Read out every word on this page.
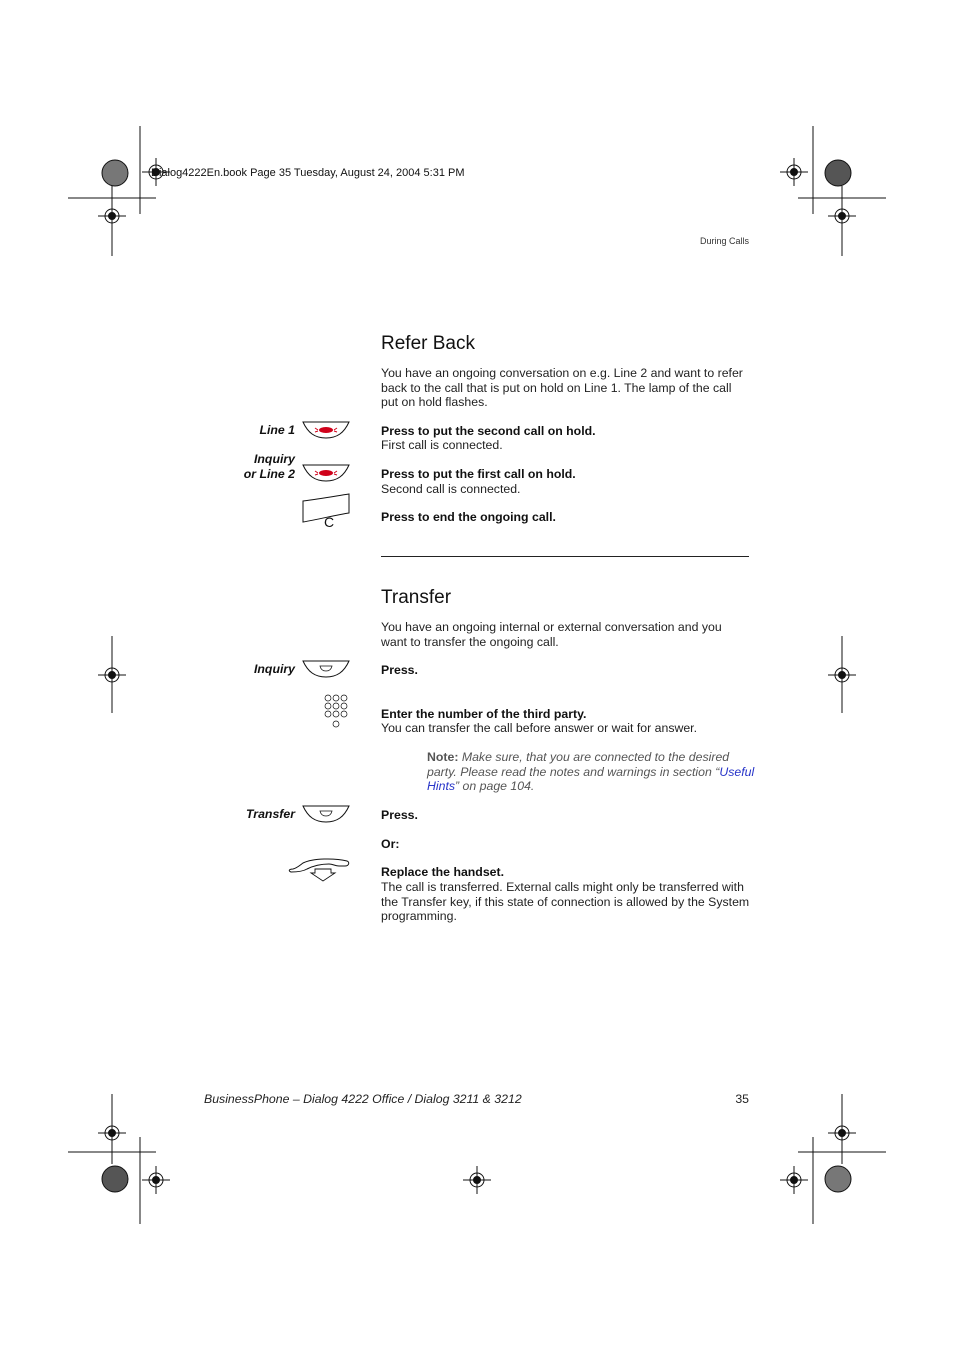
Dialog4222En.book Page 35 Tuesday, August 24, 2004 5:31 PM
During Calls
Refer Back
You have an ongoing conversation on e.g. Line 2 and want to refer
back to the call that is put on hold on Line 1. The lamp of the call
put on hold flashes.
Line 1	Press to put the second call on hold.
First call is connected.
Inquiry
or Line 2	Press to put the first call on hold.
Second call is connected.
C	Press to end the ongoing call.
Transfer
You have an ongoing internal or external conversation and you
want to transfer the ongoing call.
Inquiry	Press.
Enter the number of the third party.
You can transfer the call before answer or wait for answer.
Note: Make sure, that you are connected to the desired
party. Please read the notes and warnings in section “Useful
Hints” on page 104.
Transfer	Press.
Or:
Replace the handset.
The call is transferred. External calls might only be transferred with
the Transfer key, if this state of connection is allowed by the System
programming.
BusinessPhone – Dialog 4222 Office / Dialog 3211 & 3212	35
